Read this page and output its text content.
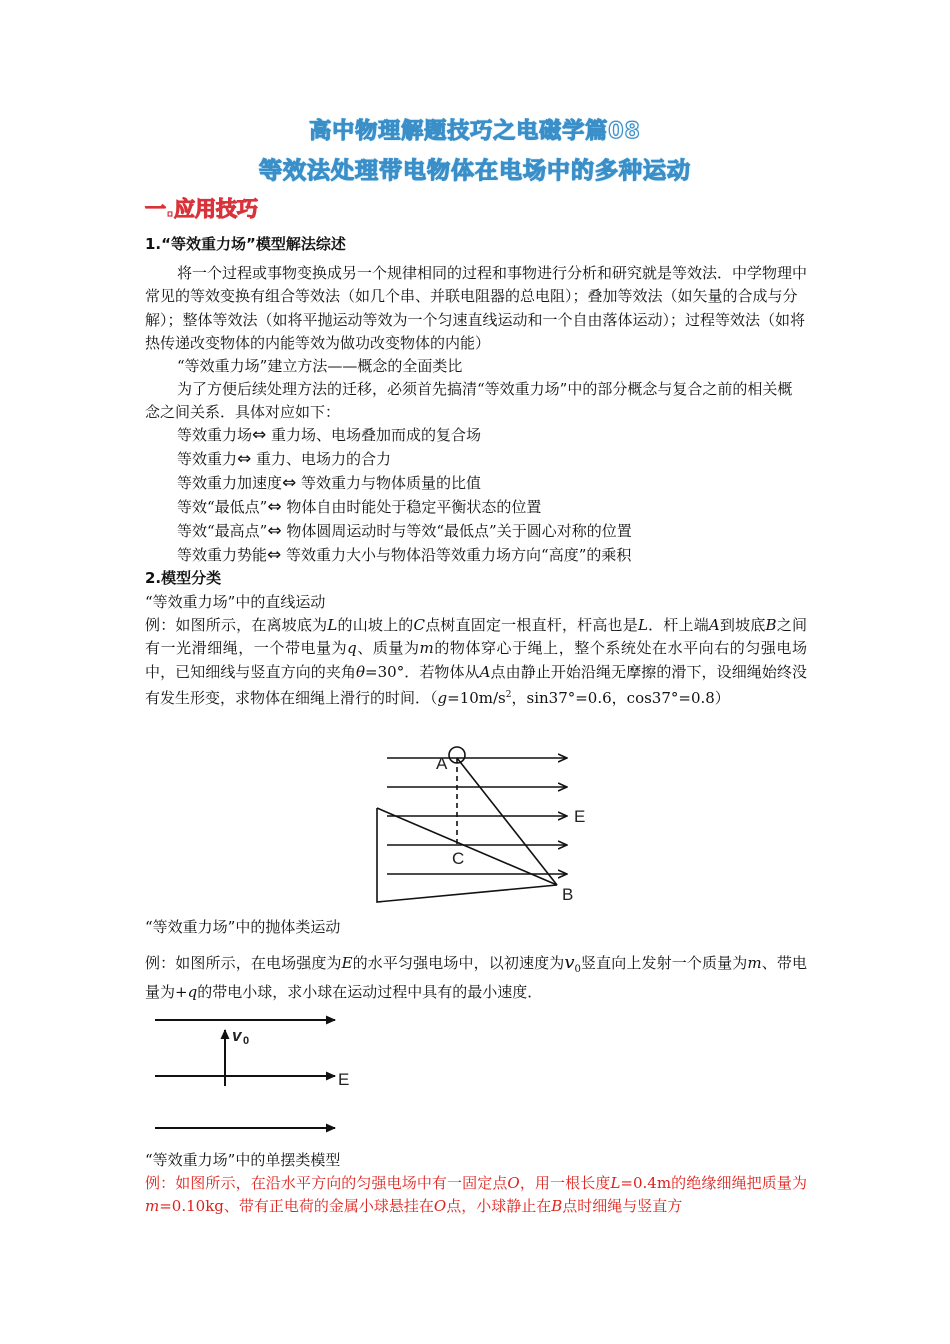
高中物理解题技巧之电磁学篇08
等效法处理带电物体在电场中的多种运动
一.应用技巧
1.“等效重力场”模型解法综述
将一个过程或事物变换成另一个规律相同的过程和事物进行分析和研究就是等效法．中学物理中常见的等效变换有组合等效法（如几个串、并联电阻器的总电阻）；叠加等效法（如矢量的合成与分解）；整体等效法（如将平抛运动等效为一个匀速直线运动和一个自由落体运动）；过程等效法（如将热传递改变物体的内能等效为做功改变物体的内能）
“等效重力场”建立方法——概念的全面类比
为了方便后续处理方法的迁移，必须首先搞清“等效重力场”中的部分概念与复合之前的相关概念之间关系．具体对应如下：
等效重力场⇔ 重力场、电场叠加而成的复合场
等效重力⇔ 重力、电场力的合力
等效重力加速度⇔ 等效重力与物体质量的比值
等效“最低点”⇔ 物体自由时能处于稳定平衡状态的位置
等效“最高点”⇔ 物体圆周运动时与等效“最低点”关于圆心对称的位置
等效重力势能⇔ 等效重力大小与物体沿等效重力场方向“高度”的乘积
2.模型分类
“等效重力场”中的直线运动
例：如图所示，在离坡底为L的山坡上的C点树直固定一根直杆，杆高也是L．杆上端A到坡底B之间有一光滑细绳，一个带电量为q、质量为m的物体穿心于绳上，整个系统处在水平向右的匀强电场中，已知细线与竖直方向的夹角θ=30°．若物体从A点由静止开始沿绳无摩擦的滑下，设细绳始终没有发生形变，求物体在细绳上滑行的时间．（$g=10m/s^2$，sin37°=0.6，cos37°=0.8）
A
C
B
E
“等效重力场”中的抛体类运动
例：如图所示，在电场强度为E的水平匀强电场中，以初速度为$v_0$竖直向上发射一个质量为m、带电量为+q的带电小球，求小球在运动过程中具有的最小速度．
v 0
E
“等效重力场”中的单摆类模型
例：如图所示，在沿水平方向的匀强电场中有一固定点O，用一根长度L=0.4m的绝缘细绳把质量为m=0.10kg、带有正电荷的金属小球悬挂在O点，小球静止在B点时细绳与竖直方
